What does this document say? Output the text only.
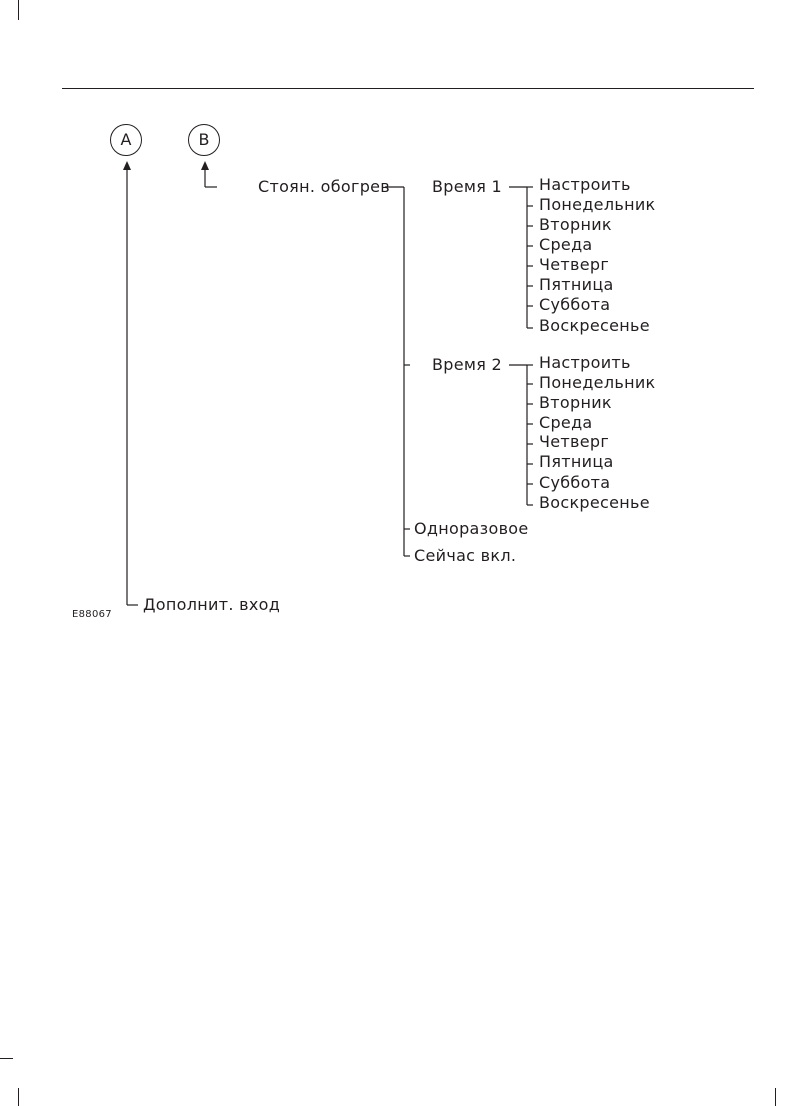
A	B
Стоян. обогрев	Время 1
Время 2
Настроить
Понедельник
Вторник
Среда
Четверг
Пятница
Суббота
Воскресенье
Настроить
Понедельник
Вторник
Среда
Четверг
Пятница
Суббота
Воскресенье
Одноразовое
Сейчас вкл.
Дополнит. вход
E88067
